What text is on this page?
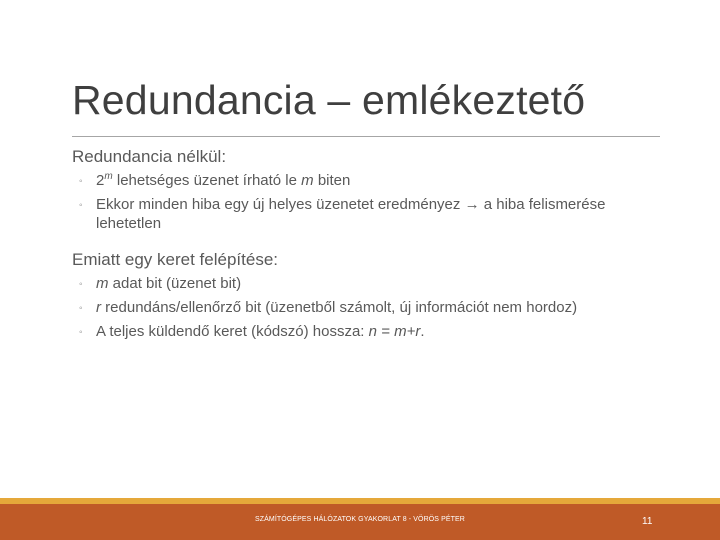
Redundancia – emlékeztető

Redundancia nélkül:

◦ 2$^m$ lehetséges üzenet írható le m biten
◦ Ekkor minden hiba egy új helyes üzenetet eredményez → a hiba felismerése lehetetlen

Emiatt egy keret felépítése:

◦ m adat bit (üzenet bit)
◦ r redundáns/ellenőrző bit (üzenetből számolt, új információt nem hordoz)
◦ A teljes küldendő keret (kódszó) hossza: n = m+r.
SZÁMÍTÓGÉPES HÁLÓZATOK GYAKORLAT 8 - VÖRÖS PÉTER	11
